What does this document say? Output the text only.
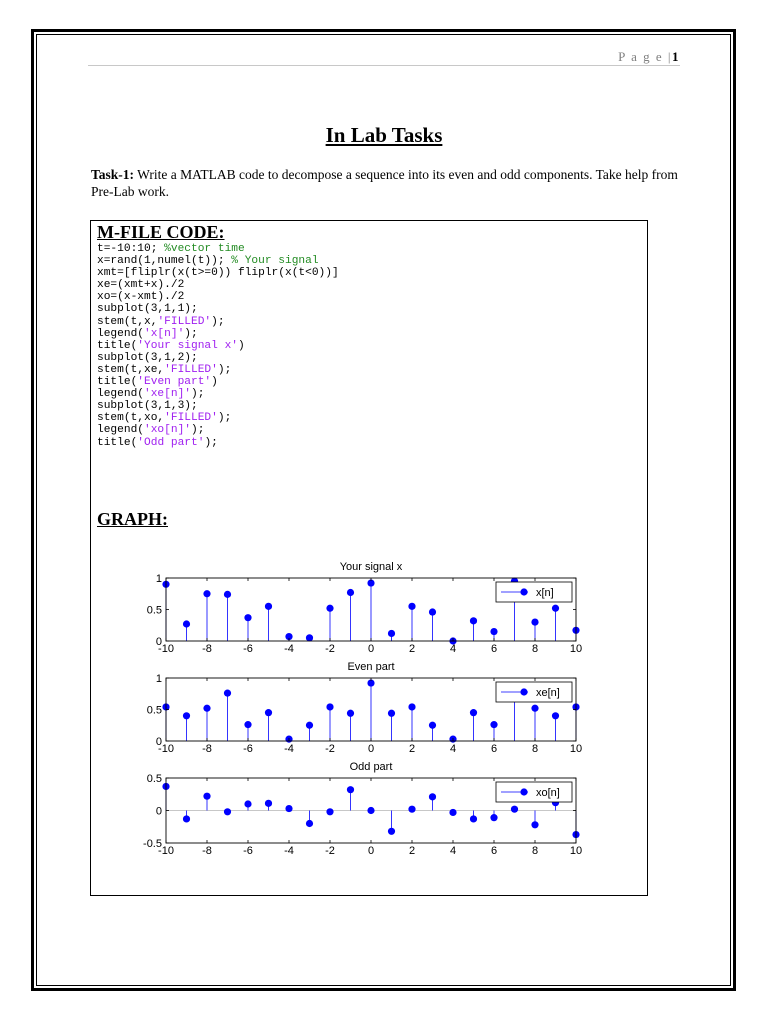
P a g e |1
In Lab Tasks
Task-1: Write a MATLAB code to decompose a sequence into its even and odd components. Take help from Pre-Lab work.
M-FILE CODE:
t=-10:10; %vector time
x=rand(1,numel(t)); % Your signal
xmt=[fliplr(x(t>=0)) fliplr(x(t<0))]
xe=(xmt+x)./2
xo=(x-xmt)./2
subplot(3,1,1);
stem(t,x,'FILLED');
legend('x[n]');
title('Your signal x')
subplot(3,1,2);
stem(t,xe,'FILLED');
title('Even part')
legend('xe[n]');
subplot(3,1,3);
stem(t,xo,'FILLED');
legend('xo[n]');
title('Odd part');
GRAPH:
Your signal x
-10	-8	-6	-4	-2	0	2	4	6	8	10
0
0.5
1
x[n]
Even part
-10	-8	-6	-4	-2	0	2	4	6	8	10
0
0.5
1
xe[n]
Odd part
-10	-8	-6	-4	-2	0	2	4	6	8	10
-0.5
0
0.5
xo[n]
